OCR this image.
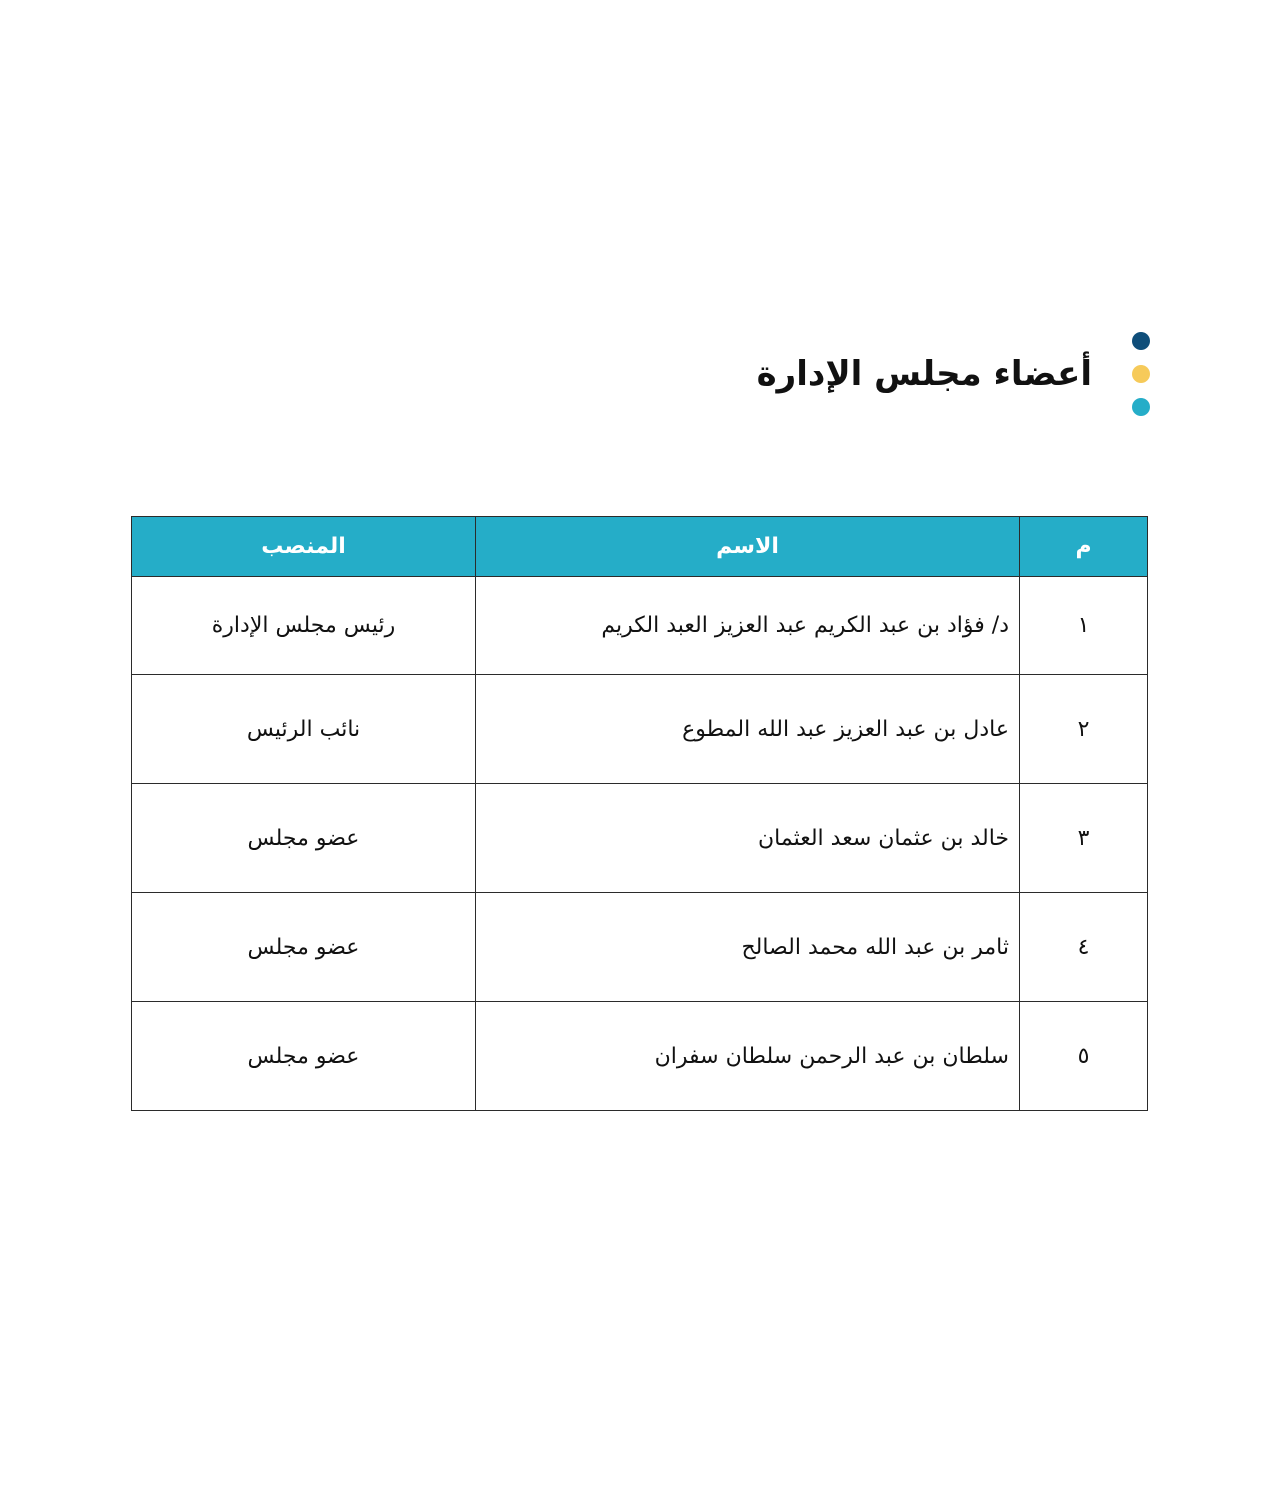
أعضاء مجلس الإدارة
م	الاسم	المنصب
١	د/ فؤاد بن عبد الكريم عبد العزيز العبد الكريم	رئيس مجلس الإدارة
٢	عادل بن عبد العزيز عبد الله المطوع	نائب الرئيس
٣	خالد بن عثمان سعد العثمان	عضو مجلس
٤	ثامر بن عبد الله محمد الصالح	عضو مجلس
٥	سلطان بن عبد الرحمن سلطان سفران	عضو مجلس
